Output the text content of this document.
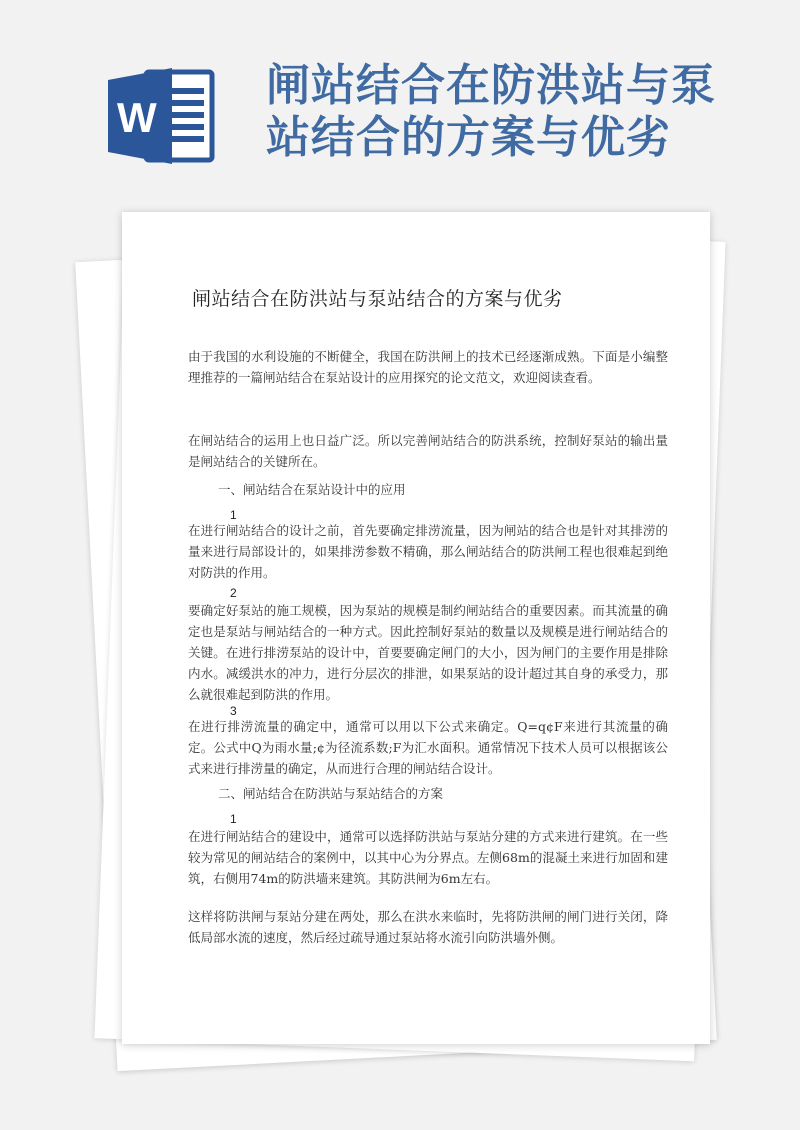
W
闸站结合在防洪站与泵
站结合的方案与优劣
闸站结合在防洪站与泵站结合的方案与优劣
由于我国的水利设施的不断健全，我国在防洪闸上的技术已经逐渐成熟。下面是小编整理推荐的一篇闸站结合在泵站设计的应用探究的论文范文，欢迎阅读查看。
在闸站结合的运用上也日益广泛。所以完善闸站结合的防洪系统，控制好泵站的输出量是闸站结合的关键所在。
一、闸站结合在泵站设计中的应用
1
在进行闸站结合的设计之前，首先要确定排涝流量，因为闸站的结合也是针对其排涝的量来进行局部设计的，如果排涝参数不精确，那么闸站结合的防洪闸工程也很难起到绝对防洪的作用。
2
要确定好泵站的施工规模，因为泵站的规模是制约闸站结合的重要因素。而其流量的确定也是泵站与闸站结合的一种方式。因此控制好泵站的数量以及规模是进行闸站结合的关键。在进行排涝泵站的设计中，首要要确定闸门的大小，因为闸门的主要作用是排除内水。减缓洪水的冲力，进行分层次的排泄，如果泵站的设计超过其自身的承受力，那么就很难起到防洪的作用。
3
在进行排涝流量的确定中，通常可以用以下公式来确定。Q=q¢F来进行其流量的确定。公式中Q为雨水量;¢为径流系数;F为汇水面积。通常情况下技术人员可以根据该公式来进行排涝量的确定，从而进行合理的闸站结合设计。
二、闸站结合在防洪站与泵站结合的方案
1
在进行闸站结合的建设中，通常可以选择防洪站与泵站分建的方式来进行建筑。在一些较为常见的闸站结合的案例中，以其中心为分界点。左侧68m的混凝土来进行加固和建筑，右侧用74m的防洪墙来建筑。其防洪闸为6m左右。
这样将防洪闸与泵站分建在两处，那么在洪水来临时，先将防洪闸的闸门进行关闭，降低局部水流的速度，然后经过疏导通过泵站将水流引向防洪墙外侧。
